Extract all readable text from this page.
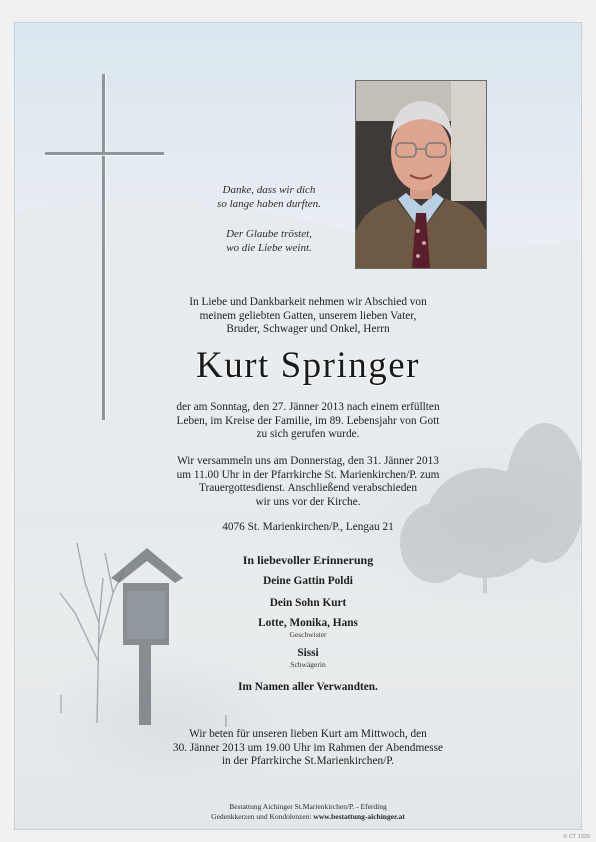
Danke, dass wir dich
so lange haben durften.
Der Glaube tröstet,
wo die Liebe weint.
In Liebe und Dankbarkeit nehmen wir Abschied von
meinem geliebten Gatten, unserem lieben Vater,
Bruder, Schwager und Onkel, Herrn
Kurt Springer
der am Sonntag, den 27. Jänner 2013 nach einem erfüllten
Leben, im Kreise der Familie, im 89. Lebensjahr von Gott
zu sich gerufen wurde.
Wir versammeln uns am Donnerstag, den 31. Jänner 2013
um 11.00 Uhr in der Pfarrkirche St. Marienkirchen/P. zum
Trauergottesdienst. Anschließend verabschieden
wir uns vor der Kirche.
4076 St. Marienkirchen/P., Lengau 21
In liebevoller Erinnerung
Deine Gattin Poldi
Dein Sohn Kurt
Lotte, Monika, Hans
Geschwister
Sissi
Schwägerin
Im Namen aller Verwandten.
Wir beten für unseren lieben Kurt am Mittwoch, den
30. Jänner 2013 um 19.00 Uhr im Rahmen der Abendmesse
in der Pfarrkirche St.Marienkirchen/P.
Bestattung Aichinger St.Marienkirchen/P. - Eferding
Gedenkkerzen und Kondolenzen: www.bestattung-aichinger.at
© CT 1326
